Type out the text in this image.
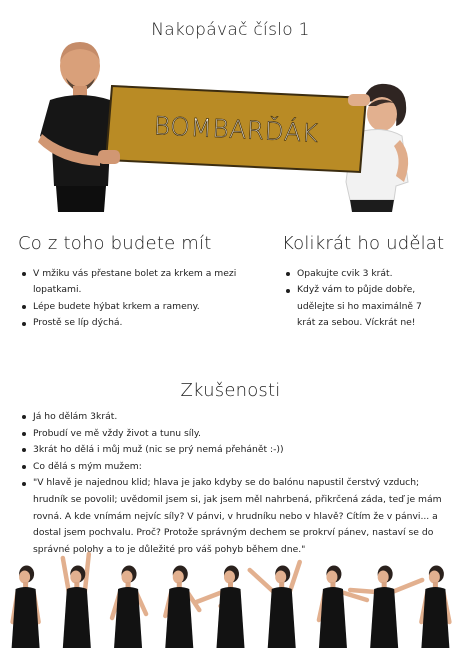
Nakopávač číslo 1
BOMBARĎÁK
Co z toho budete mít
V mžiku vás přestane bolet za krkem a mezi lopatkami.
Lépe budete hýbat krkem a rameny.
Prostě se líp dýchá.
Kolikrát ho udělat
Opakujte cvik 3 krát.
Když vám to půjde dobře, udělejte si ho maximálně 7 krát za sebou. Víckrát ne!
Zkušenosti
Já ho dělám 3krát.
Probudí ve mě vždy život a tunu síly.
3krát ho dělá i můj muž (nic se prý nemá přehánět :-))
Co dělá s mým mužem:
"V hlavě je najednou klid; hlava je jako kdyby se do balónu napustil čerstvý vzduch; hrudník se povolil; uvědomil jsem si, jak jsem měl nahrbená, přikrčená záda, teď je mám rovná. A kde vnímám nejvíc síly? V pánvi, v hrudníku nebo v hlavě? Cítím že v pánvi... a dostal jsem pochvalu. Proč? Protože správným dechem se prokrví pánev, nastaví se do správné polohy a to je důležité pro váš pohyb během dne."
